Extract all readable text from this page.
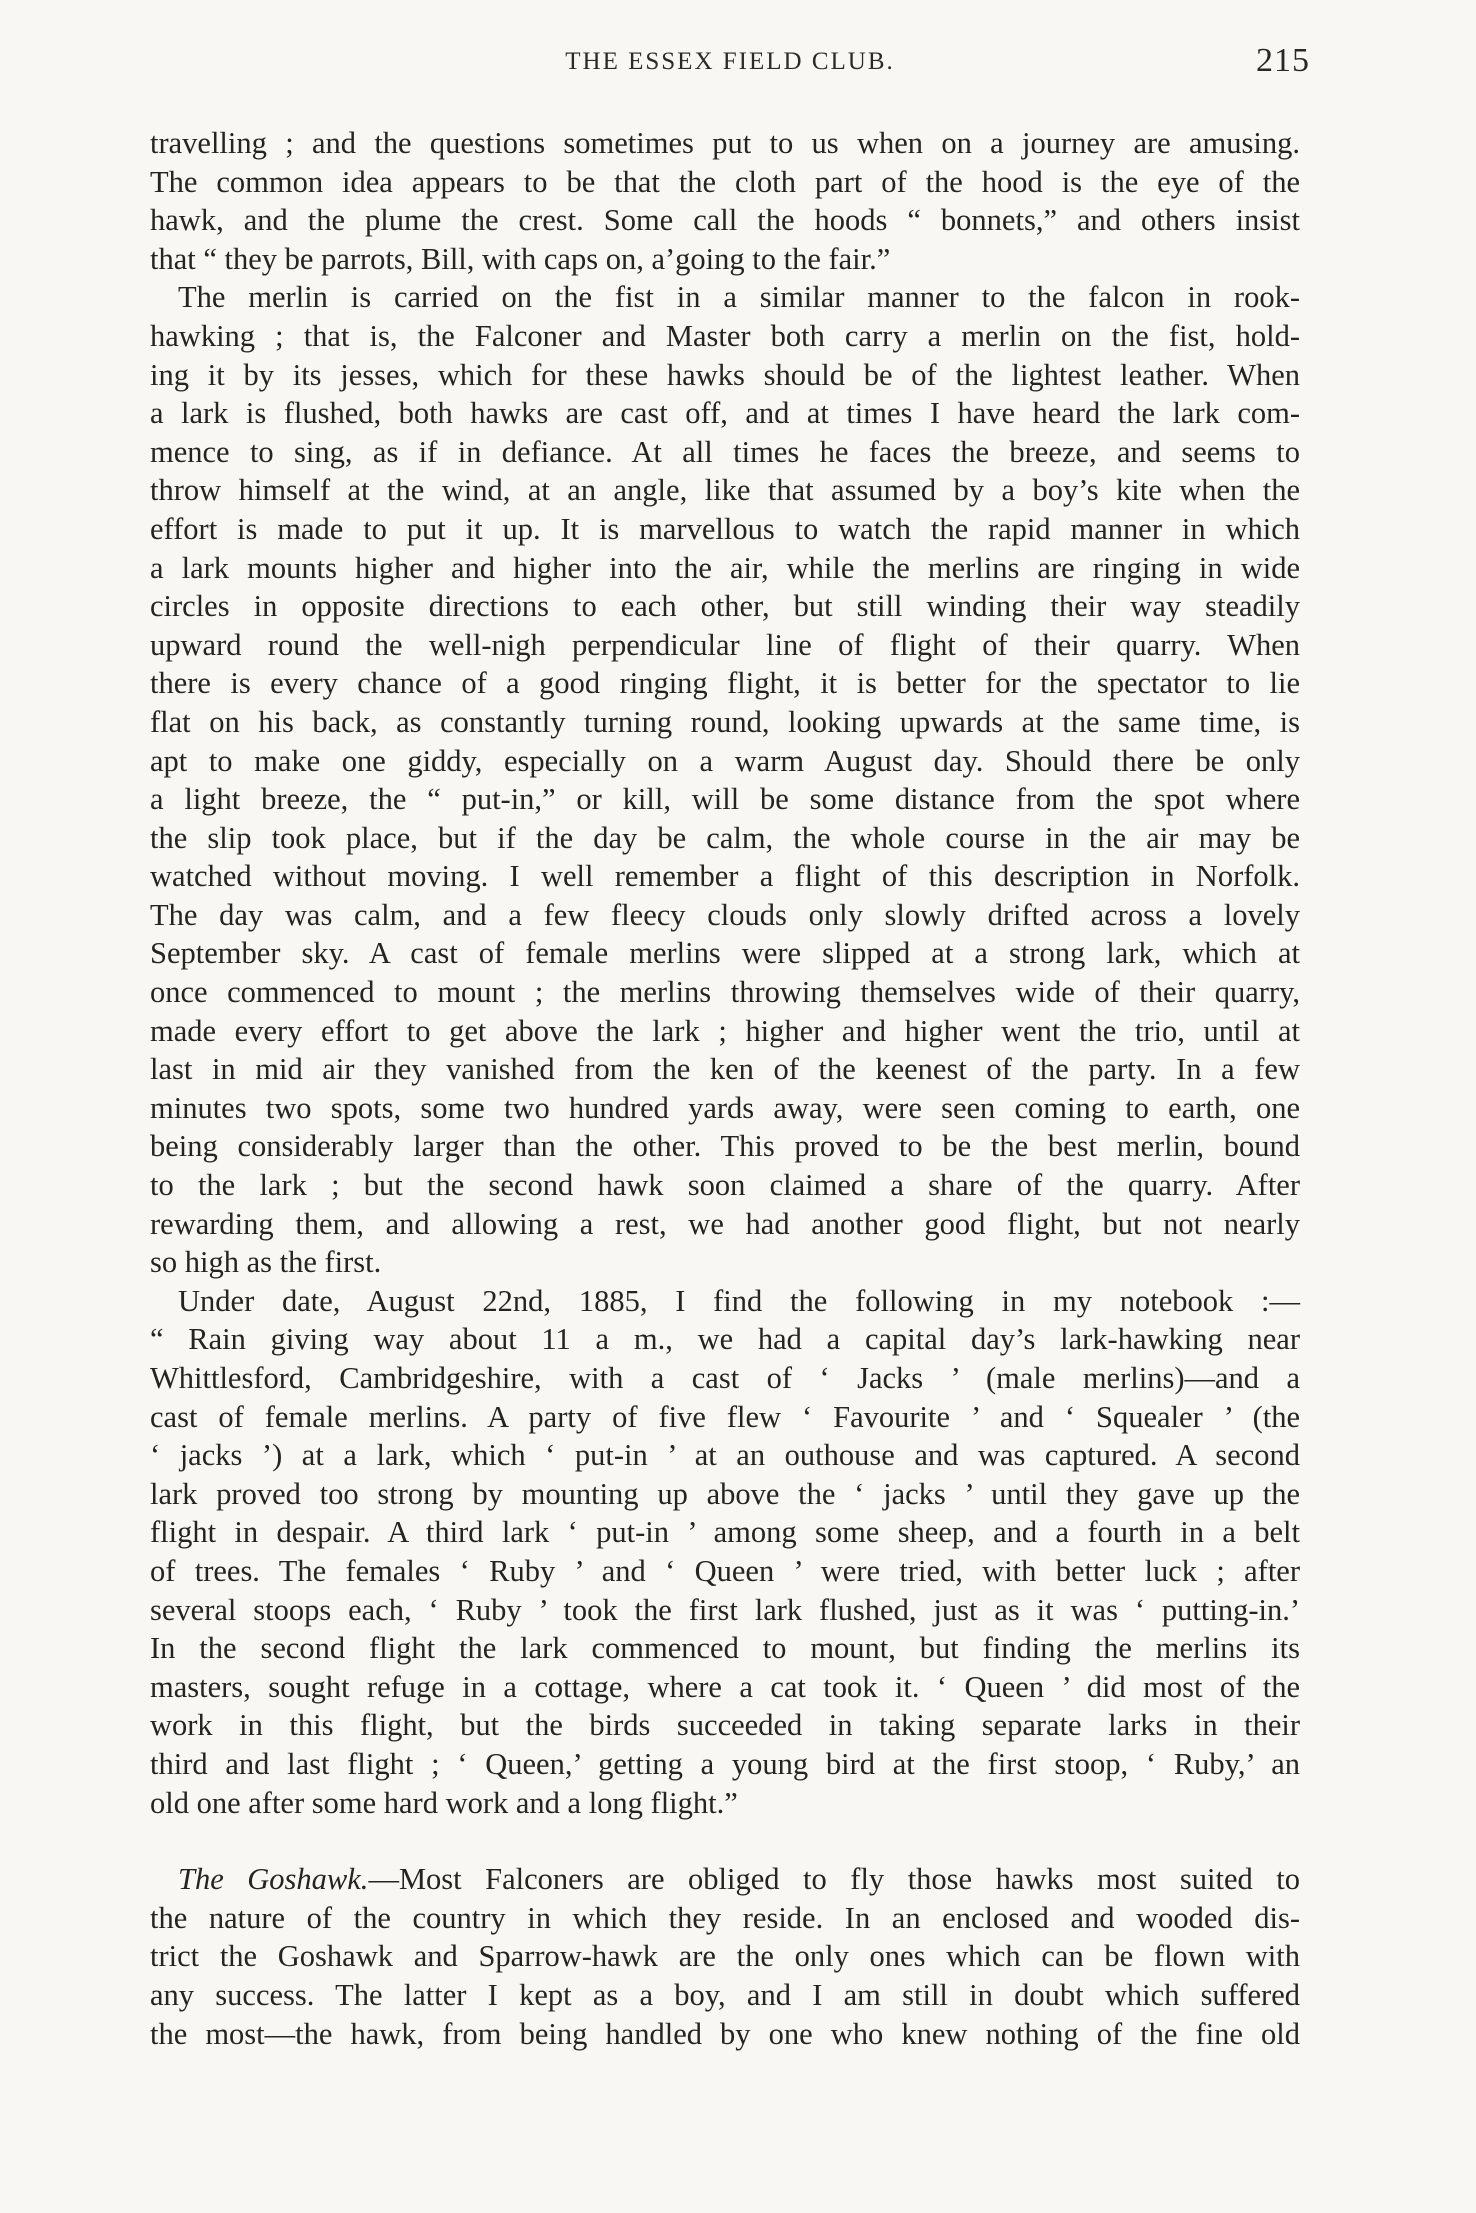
THE ESSEX FIELD CLUB.	215
travelling ; and the questions sometimes put to us when on a journey are amusing.
The common idea appears to be that the cloth part of the hood is the eye of the
hawk, and the plume the crest. Some call the hoods “ bonnets,” and others insist
that “ they be parrots, Bill, with caps on, a’going to the fair.”
The merlin is carried on the fist in a similar manner to the falcon in rook-
hawking ; that is, the Falconer and Master both carry a merlin on the fist, hold-
ing it by its jesses, which for these hawks should be of the lightest leather. When
a lark is flushed, both hawks are cast off, and at times I have heard the lark com-
mence to sing, as if in defiance. At all times he faces the breeze, and seems to
throw himself at the wind, at an angle, like that assumed by a boy’s kite when the
effort is made to put it up. It is marvellous to watch the rapid manner in which
a lark mounts higher and higher into the air, while the merlins are ringing in wide
circles in opposite directions to each other, but still winding their way steadily
upward round the well-nigh perpendicular line of flight of their quarry. When
there is every chance of a good ringing flight, it is better for the spectator to lie
flat on his back, as constantly turning round, looking upwards at the same time, is
apt to make one giddy, especially on a warm August day. Should there be only
a light breeze, the “ put-in,” or kill, will be some distance from the spot where
the slip took place, but if the day be calm, the whole course in the air may be
watched without moving. I well remember a flight of this description in Norfolk.
The day was calm, and a few fleecy clouds only slowly drifted across a lovely
September sky. A cast of female merlins were slipped at a strong lark, which at
once commenced to mount ; the merlins throwing themselves wide of their quarry,
made every effort to get above the lark ; higher and higher went the trio, until at
last in mid air they vanished from the ken of the keenest of the party. In a few
minutes two spots, some two hundred yards away, were seen coming to earth, one
being considerably larger than the other. This proved to be the best merlin, bound
to the lark ; but the second hawk soon claimed a share of the quarry. After
rewarding them, and allowing a rest, we had another good flight, but not nearly
so high as the first.
Under date, August 22nd, 1885, I find the following in my notebook :—
“ Rain giving way about 11 a m., we had a capital day’s lark-hawking near
Whittlesford, Cambridgeshire, with a cast of ‘ Jacks ’ (male merlins)—and a
cast of female merlins. A party of five flew ‘ Favourite ’ and ‘ Squealer ’ (the
‘ jacks ’) at a lark, which ‘ put-in ’ at an outhouse and was captured. A second
lark proved too strong by mounting up above the ‘ jacks ’ until they gave up the
flight in despair. A third lark ‘ put-in ’ among some sheep, and a fourth in a belt
of trees. The females ‘ Ruby ’ and ‘ Queen ’ were tried, with better luck ; after
several stoops each, ‘ Ruby ’ took the first lark flushed, just as it was ‘ putting-in.’
In the second flight the lark commenced to mount, but finding the merlins its
masters, sought refuge in a cottage, where a cat took it. ‘ Queen ’ did most of the
work in this flight, but the birds succeeded in taking separate larks in their
third and last flight ; ‘ Queen,’ getting a young bird at the first stoop, ‘ Ruby,’ an
old one after some hard work and a long flight.”
The Goshawk.—Most Falconers are obliged to fly those hawks most suited to
the nature of the country in which they reside. In an enclosed and wooded dis-
trict the Goshawk and Sparrow-hawk are the only ones which can be flown with
any success. The latter I kept as a boy, and I am still in doubt which suffered
the most—the hawk, from being handled by one who knew nothing of the fine old
